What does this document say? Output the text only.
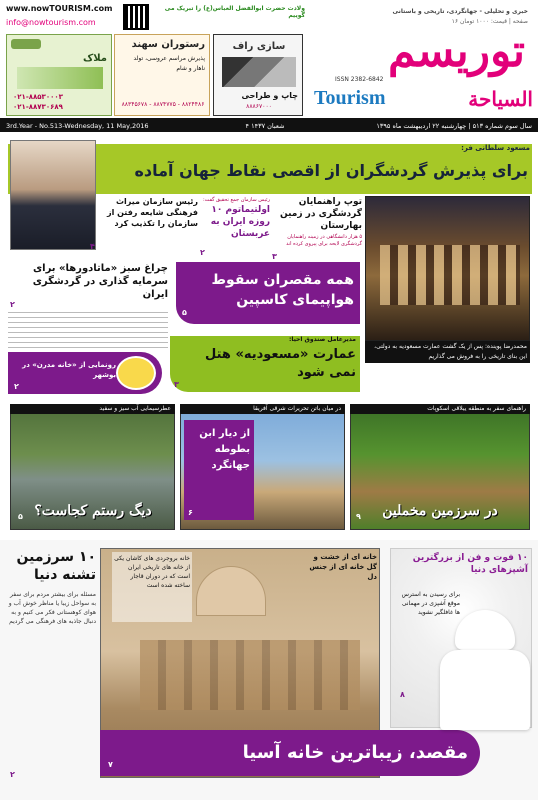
www.nowTOURISM.com
info@nowtourism.com
ولادت حضرت ابوالفضل العباس(ع) را تبریک می گوییم
ملاک
۰۲۱-۸۸۵۳۰۰۰۳
۰۲۱-۸۸۷۳۰۶۸۹
رستوران سهند
پذیرش مراسم عروسی، تولد
ناهار و شام
۸۸۳۴۵۶۷۸ - ۸۸۷۴۷۷۵ - ۸۸۲۴۴۸۶
سازی راف
چاپ و طراحی
۸۸۸۶۷۰۰۰
خبری و تحلیلی - جهانگردی، تاریخی و باستانی
۱۶ صفحه | قیمت: ۱۰۰۰ تومان
توریسم
ISSN 2382-6842
Tourism	السياحة
3rd.Year - No.513-Wednesday, 11 May,2016	۴ شعبان ۱۴۳۷	سال سوم شماره ۵۱۳ | چهارشنبه ۲۲ اردیبهشت ماه ۱۳۹۵
مسعود سلطانی فر:
برای پذیرش گردشگران از اقصی نقاط جهان آماده
رئیس سازمان میراث فرهنگی شایعه رفتن از سازمان را تکذیب کرد
۴
رئیس سازمان جمع تحقیق گفت:
اولتیماتوم ۱۰ روزه ایران به عربستان
۲
توپ راهنمایان گردشگری در زمین بهارستان
۵ هزار دانشگاهی در زمینه راهنمایان گردشگری لایحه برای پیروی کرده اند
۳
محمدرضا پوینده: پس از یک گشت عمارت مسعودیه به دولتی، این بنای تاریخی را به فروش می گذاریم
چراغ سبز «ماتادورها» برای سرمایه گذاری در گردشگری ایران
۲
همه مقصران سقوط هواپیمای کاسپین
۵
مدیرعامل صندوق احیا:
عمارت «مسعودیه» هتل نمی شود
۳
رونمایی از «خانه مدرن» در بوشهر
۲
عطرسیمایی آب سیز و سفید
دیگ رستم کجاست؟
۵
در میان باتن تحریرات شرقی آفریقا
از دیار ابن بطوطه جهانگرد
۶
راهنمای سفر به منطقه ییلاقی اسکوپات
در سرزمین مخملین
۹
۱۰ سرزمین تشنه دنیا
مسئله برای بیشتر مردم برای سفر به سواحل زیبا یا مناظر خوش آب و هوای کوهستانی فکر می کنیم و به دنبال جاذبه های فرهنگی می گردیم
۲
خانه ای از خشت و گل خانه ای از جنس دل
خانه بروجردی های کاشان یکی از خانه های تاریخی ایران است که در دوران قاجار ساخته شده است
مقصد، زیباترین خانه آسیا
۷
۱۰ فوت و فن از بزرگترین آشپزهای دنیا
برای رسیدن به استرس موقع آشپزی در مهمانی ها غافلگیر نشوید
۸
